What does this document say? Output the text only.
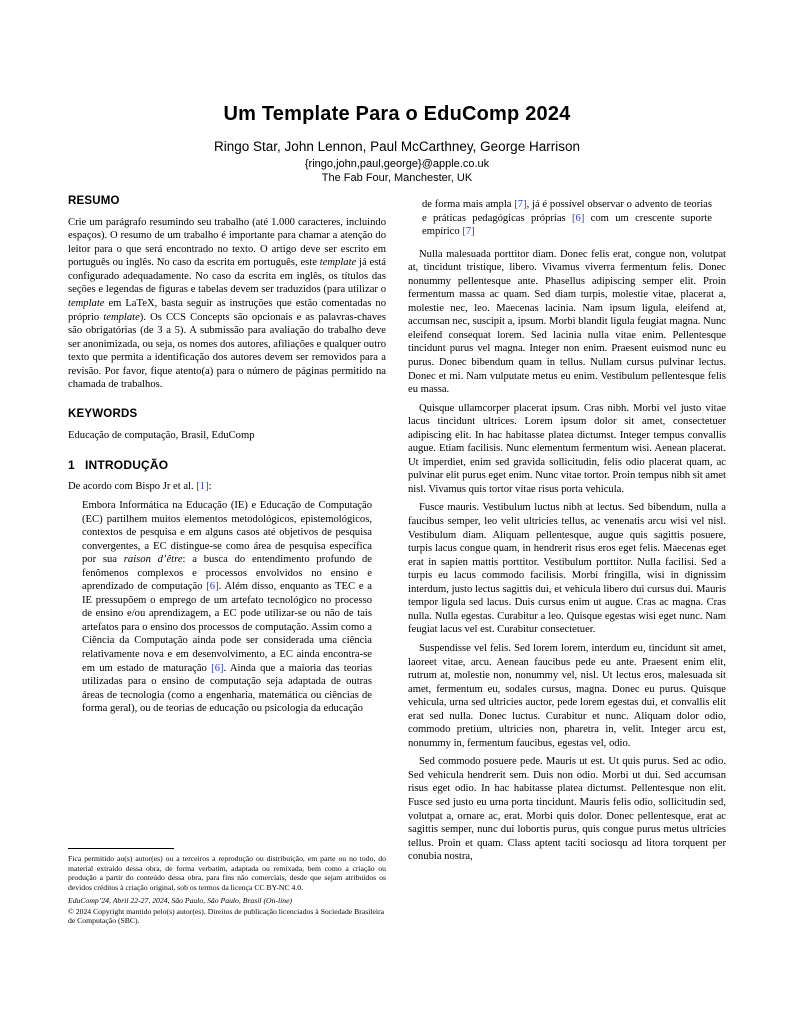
Um Template Para o EduComp 2024
Ringo Star, John Lennon, Paul McCarthney, George Harrison
{ringo,john,paul,george}@apple.co.uk
The Fab Four, Manchester, UK
RESUMO

Crie um parágrafo resumindo seu trabalho (até 1.000 caracteres, incluindo espaços). O resumo de um trabalho é importante para chamar a atenção do leitor para o que será encontrado no texto. O artigo deve ser escrito em português ou inglês. No caso da escrita em português, este template já está configurado adequadamente. No caso da escrita em inglês, os títulos das seções e legendas de figuras e tabelas devem ser traduzidos (para utilizar o template em LaTeX, basta seguir as instruções que estão comentadas no próprio template). Os CCS Concepts são opcionais e as palavras-chaves são obrigatórias (de 3 a 5). A submissão para avaliação do trabalho deve ser anonimizada, ou seja, os nomes dos autores, afiliações e qualquer outro texto que permita a identificação dos autores devem ser removidos para a revisão. Por favor, fique atento(a) para o número de páginas permitido na chamada de trabalhos.

KEYWORDS

Educação de computação, Brasil, EduComp

1 INTRODUÇÃO

De acordo com Bispo Jr et al. [1]:

Embora Informática na Educação (IE) e Educação de Computação (EC) partilhem muitos elementos metodológicos, epistemológicos, contextos de pesquisa e em alguns casos até objetivos de pesquisa convergentes, a EC distingue-se como área de pesquisa específica por sua raison d’être: a busca do entendimento profundo de fenômenos complexos e processos envolvidos no ensino e aprendizado de computação [6]. Além disso, enquanto as TEC e a IE pressupõem o emprego de um artefato tecnológico no processo de ensino e/ou aprendizagem, a EC pode utilizar-se ou não de tais artefatos para o ensino dos processos de computação. Assim como a Ciência da Computação ainda pode ser considerada uma ciência relativamente nova e em desenvolvimento, a EC ainda encontra-se em um estado de maturação [6]. Ainda que a maioria das teorias utilizadas para o ensino de computação seja adaptada de outras áreas de tecnologia (como a engenharia, matemática ou ciências de forma geral), ou de teorias de educação ou psicologia da educação
de forma mais ampla [7], já é possível observar o advento de teorias e práticas pedagógicas próprias [6] com um crescente suporte empírico [7]

Nulla malesuada porttitor diam. Donec felis erat, congue non, volutpat at, tincidunt tristique, libero. Vivamus viverra fermentum felis. Donec nonummy pellentesque ante. Phasellus adipiscing semper elit. Proin fermentum massa ac quam. Sed diam turpis, molestie vitae, placerat a, molestie nec, leo. Maecenas lacinia. Nam ipsum ligula, eleifend at, accumsan nec, suscipit a, ipsum. Morbi blandit ligula feugiat magna. Nunc eleifend consequat lorem. Sed lacinia nulla vitae enim. Pellentesque tincidunt purus vel magna. Integer non enim. Praesent euismod nunc eu purus. Donec bibendum quam in tellus. Nullam cursus pulvinar lectus. Donec et mi. Nam vulputate metus eu enim. Vestibulum pellentesque felis eu massa.

Quisque ullamcorper placerat ipsum. Cras nibh. Morbi vel justo vitae lacus tincidunt ultrices. Lorem ipsum dolor sit amet, consectetuer adipiscing elit. In hac habitasse platea dictumst. Integer tempus convallis augue. Etiam facilisis. Nunc elementum fermentum wisi. Aenean placerat. Ut imperdiet, enim sed gravida sollicitudin, felis odio placerat quam, ac pulvinar elit purus eget enim. Nunc vitae tortor. Proin tempus nibh sit amet nisl. Vivamus quis tortor vitae risus porta vehicula.

Fusce mauris. Vestibulum luctus nibh at lectus. Sed bibendum, nulla a faucibus semper, leo velit ultricies tellus, ac venenatis arcu wisi vel nisl. Vestibulum diam. Aliquam pellentesque, augue quis sagittis posuere, turpis lacus congue quam, in hendrerit risus eros eget felis. Maecenas eget erat in sapien mattis porttitor. Vestibulum porttitor. Nulla facilisi. Sed a turpis eu lacus commodo facilisis. Morbi fringilla, wisi in dignissim interdum, justo lectus sagittis dui, et vehicula libero dui cursus dui. Mauris tempor ligula sed lacus. Duis cursus enim ut augue. Cras ac magna. Cras nulla. Nulla egestas. Curabitur a leo. Quisque egestas wisi eget nunc. Nam feugiat lacus vel est. Curabitur consectetuer.

Suspendisse vel felis. Sed lorem lorem, interdum eu, tincidunt sit amet, laoreet vitae, arcu. Aenean faucibus pede eu ante. Praesent enim elit, rutrum at, molestie non, nonummy vel, nisl. Ut lectus eros, malesuada sit amet, fermentum eu, sodales cursus, magna. Donec eu purus. Quisque vehicula, urna sed ultricies auctor, pede lorem egestas dui, et convallis elit erat sed nulla. Donec luctus. Curabitur et nunc. Aliquam dolor odio, commodo pretium, ultricies non, pharetra in, velit. Integer arcu est, nonummy in, fermentum faucibus, egestas vel, odio.

Sed commodo posuere pede. Mauris ut est. Ut quis purus. Sed ac odio. Sed vehicula hendrerit sem. Duis non odio. Morbi ut dui. Sed accumsan risus eget odio. In hac habitasse platea dictumst. Pellentesque non elit. Fusce sed justo eu urna porta tincidunt. Mauris felis odio, sollicitudin sed, volutpat a, ornare ac, erat. Morbi quis dolor. Donec pellentesque, erat ac sagittis semper, nunc dui lobortis purus, quis congue purus metus ultricies tellus. Proin et quam. Class aptent taciti sociosqu ad litora torquent per conubia nostra,

Fica permitido ao(s) autor(es) ou a terceiros a reprodução ou distribuição, em parte ou no todo, do material extraído dessa obra, de forma verbatim, adaptada ou remixada, bem como a criação ou produção a partir do conteúdo dessa obra, para fins não comerciais, desde que sejam atribuídos os devidos créditos à criação original, sob os termos da licença CC BY-NC 4.0.
EduComp’24, Abril 22-27, 2024, São Paulo, São Paulo, Brasil (On-line)
© 2024 Copyright mantido pelo(s) autor(es). Direitos de publicação licenciados à Sociedade Brasileira de Computação (SBC).
